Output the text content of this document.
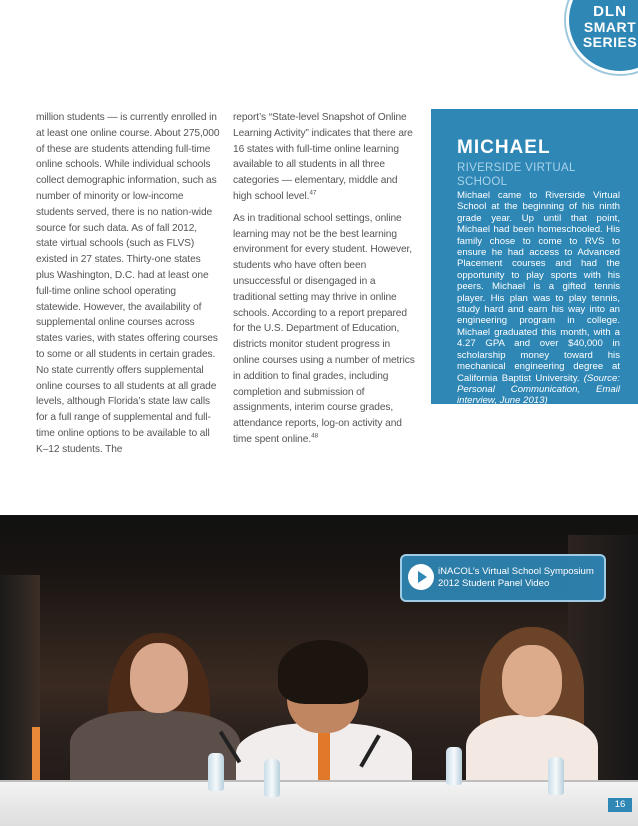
DLN
SMART
SERIES

million students — is currently enrolled in at least one online course. About 275,000 of these are students attending full-time online schools. While individual schools collect demographic information, such as number of minority or low-income students served, there is no nation-wide source for such data. As of fall 2012, state virtual schools (such as FLVS) existed in 27 states. Thirty-one states plus Washington, D.C. had at least one full-time online school operating statewide. However, the availability of supplemental online courses across states varies, with states offering courses to some or all students in certain grades. No state currently offers supplemental online courses to all students at all grade levels, although Florida’s state law calls for a full range of supplemental and full-time online options to be available to all K–12 students. The

report’s “State-level Snapshot of Online Learning Activity” indicates that there are 16 states with full-time online learning available to all students in all three categories — elementary, middle and high school level.$^{47}$

As in traditional school settings, online learning may not be the best learning environment for every student. However, students who have often been unsuccessful or disengaged in a traditional setting may thrive in online schools. According to a report prepared for the U.S. Department of Education, districts monitor student progress in online courses using a number of metrics in addition to final grades, including completion and submission of assignments, interim course grades, attendance reports, log-on activity and time spent online.$^{48}$

MICHAEL
RIVERSIDE VIRTUAL SCHOOL
Michael came to Riverside Virtual School at the beginning of his ninth grade year. Up until that point, Michael had been homeschooled. His family chose to come to RVS to ensure he had access to Advanced Placement courses and had the opportunity to play sports with his peers. Michael is a gifted tennis player. His plan was to play tennis, study hard and earn his way into an engineering program in college. Michael graduated this month, with a 4.27 GPA and over $40,000 in scholarship money toward his mechanical engineering degree at California Baptist University. (Source: Personal Communication, Email interview, June 2013)
iNACOL’s Virtual School Symposium
2012 Student Panel Video
16
